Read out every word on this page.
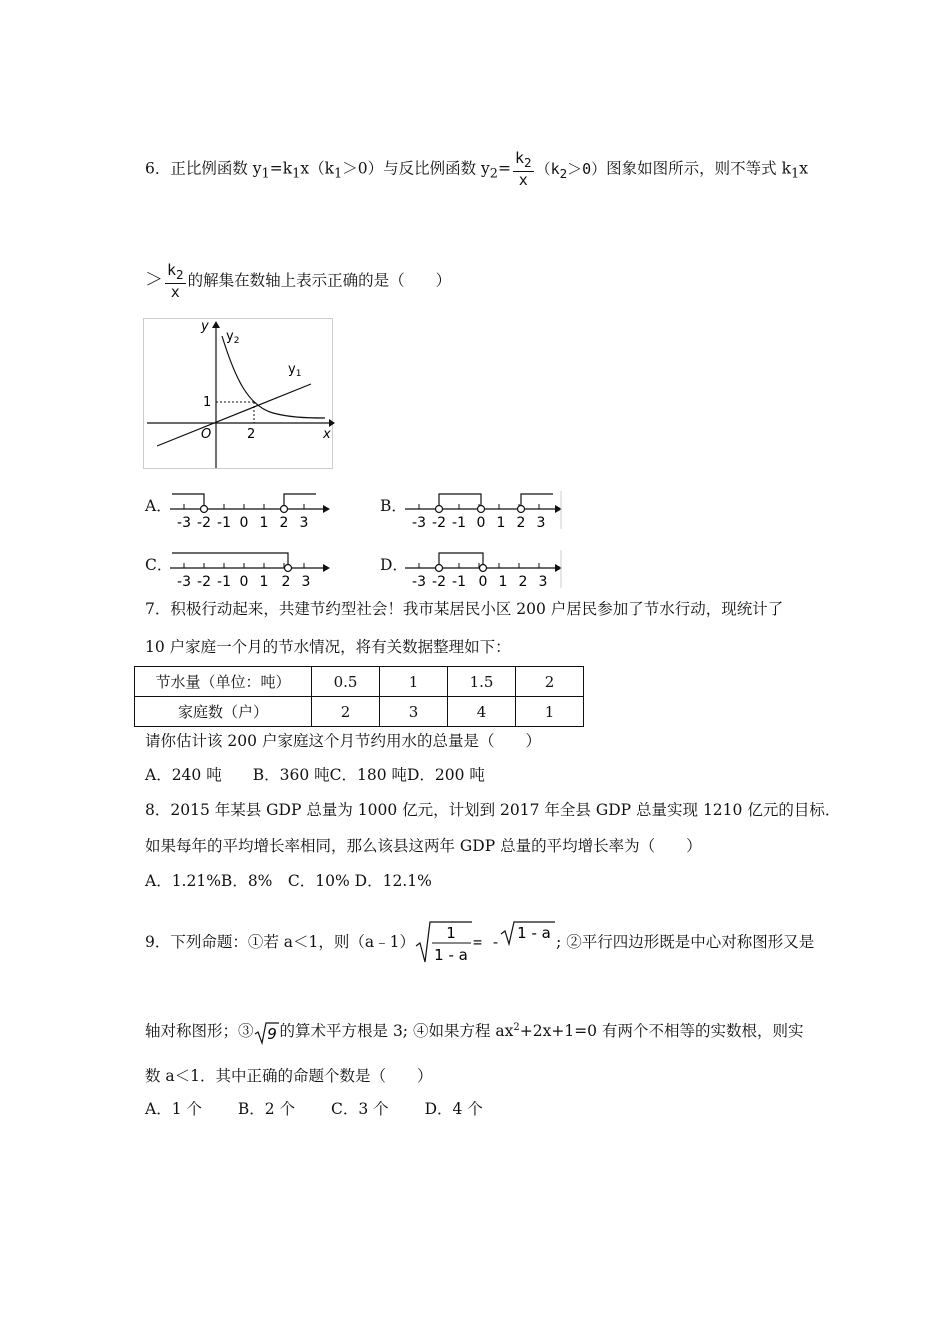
6．正比例函数 $y_1=k_1x(k_1>0)$与反比例函数 $y_2= \frac{k_2}{x} (k_2>0)$图象如图所示，则不等式 $k_1x$
＞ $\frac{k_2}{x}$ 的解集在数轴上表示正确的是（　　）
y
x
$y_2$
$y_1$
O	2
1
A．	B．
C．	D．
-3 -2 -1 0 1 2 3	-3 -2 -1 0 1 2 3
-3 -2 -1 0 1 2 3	-3 -2 -1 0 1 2 3
7．积极行动起来，共建节约型社会！我市某居民小区 200 户居民参加了节水行动，现统计了
10 户家庭一个月的节水情况，将有关数据整理如下：
节水量（单位：吨）	0.5	1	1.5	2
家庭数（户）	2	3	4	1
请你估计该 200 户家庭这个月节约用水的总量是（　　）
A．240 吨　　B．360 吨C．180 吨D．200 吨
8．2015 年某县 GDP 总量为 1000 亿元，计划到 2017 年全县 GDP 总量实现 1210 亿元的目标．
如果每年的平均增长率相同，那么该县这两年 GDP 总量的平均增长率为（　　）
A．1.21%B．8%　C．10% D．12.1%
9．下列命题：①若 a＜1，则（a﹣1） 1
1 - a
= - 1 - a ; ②平行四边形既是中心对称图形又是
轴对称图形；③ 9 的算术平方根是 3; ④如果方程 $ax^2+2x+1=0$ 有两个不相等的实数根，则实
数 a＜1．其中正确的命题个数是（　　）
A．1 个　　 B．2 个　　 C．3 个　　 D．4 个
